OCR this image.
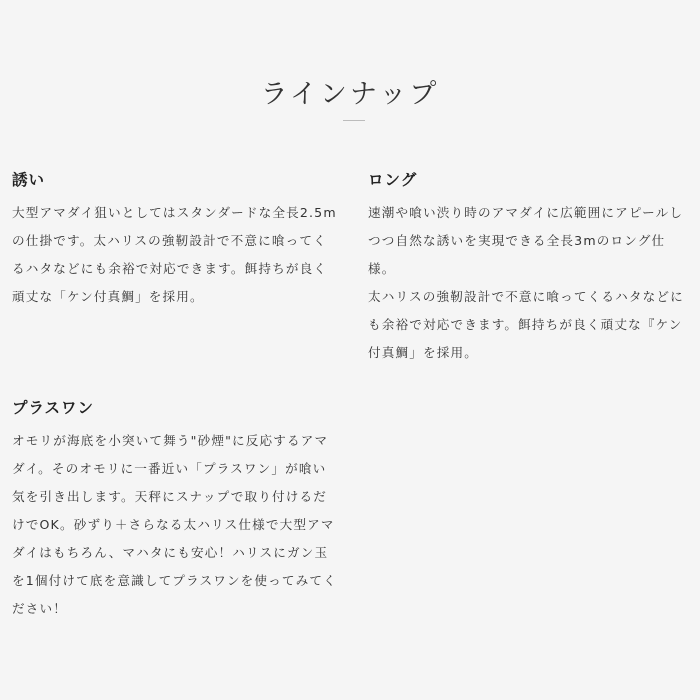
ラインナップ
誘い

大型アマダイ狙いとしてはスタンダードな全長2.5m
の仕掛です。太ハリスの強靭設計で不意に喰ってく
るハタなどにも余裕で対応できます。餌持ちが良く
頑丈な「ケン付真鯛」を採用。

ロング

速潮や喰い渋り時のアマダイに広範囲にアピールし
つつ自然な誘いを実現できる全長3mのロング仕様。
太ハリスの強靭設計で不意に喰ってくるハタなどに
も余裕で対応できます。餌持ちが良く頑丈な『ケン
付真鯛」を採用。

プラスワン

オモリが海底を小突いて舞う"砂煙"に反応するアマ
ダイ。そのオモリに一番近い「プラスワン」が喰い
気を引き出します。天秤にスナップで取り付けるだ
けでOK。砂ずり＋さらなる太ハリス仕様で大型アマ
ダイはもちろん、マハタにも安心！ハリスにガン玉
を1個付けて底を意識してプラスワンを使ってみてく
ださい！
